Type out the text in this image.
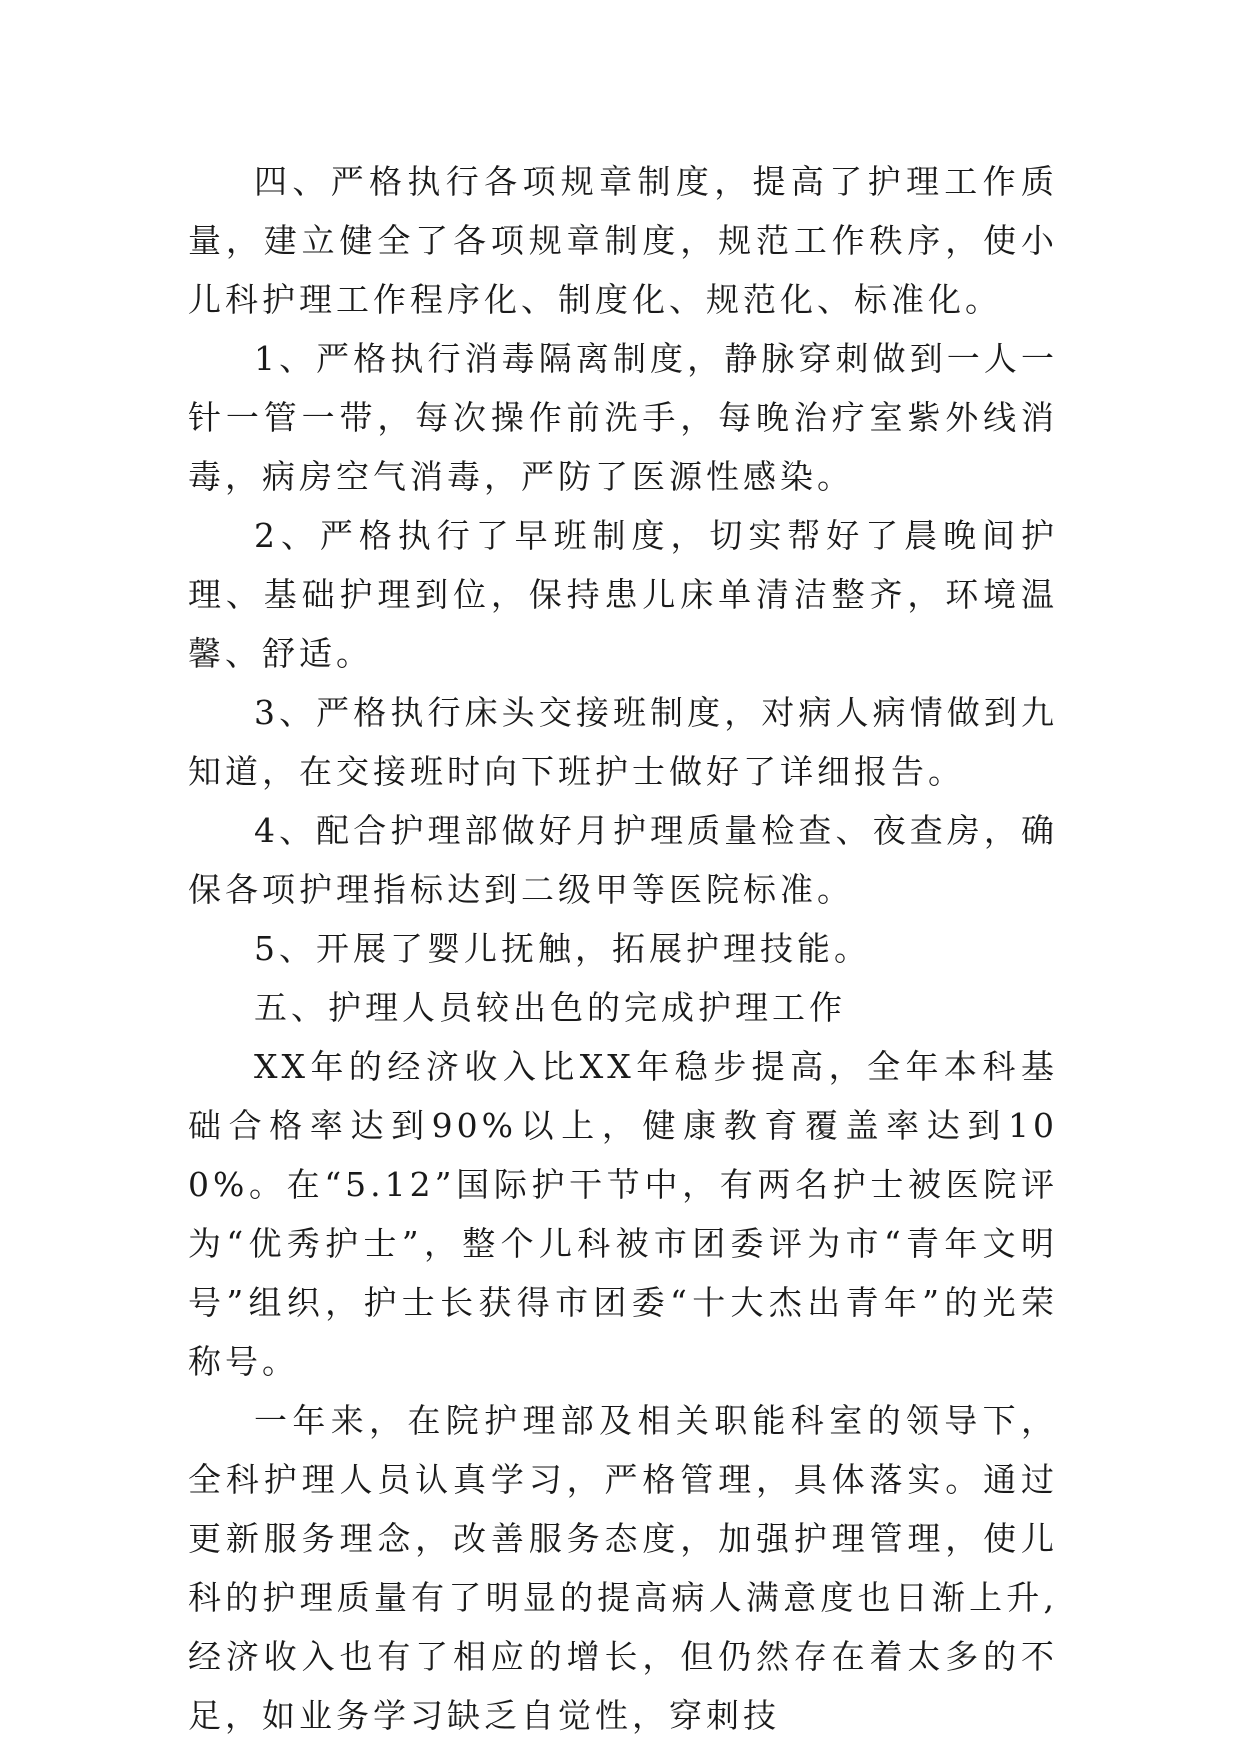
四、严格执行各项规章制度，提高了护理工作质量，建立健全了各项规章制度，规范工作秩序，使小儿科护理工作程序化、制度化、规范化、标准化。

1、严格执行消毒隔离制度，静脉穿刺做到一人一针一管一带，每次操作前洗手，每晚治疗室紫外线消毒，病房空气消毒，严防了医源性感染。

2、严格执行了早班制度，切实帮好了晨晚间护理、基础护理到位，保持患儿床单清洁整齐，环境温馨、舒适。

3、严格执行床头交接班制度，对病人病情做到九知道，在交接班时向下班护士做好了详细报告。

4、配合护理部做好月护理质量检查、夜查房，确保各项护理指标达到二级甲等医院标准。

5、开展了婴儿抚触，拓展护理技能。

五、护理人员较出色的完成护理工作

XX年的经济收入比XX年稳步提高，全年本科基础合格率达到90%以上，健康教育覆盖率达到100%。在“5.12”国际护干节中，有两名护士被医院评为“优秀护士”，整个儿科被市团委评为市“青年文明号”组织，护士长获得市团委“十大杰出青年”的光荣称号。

一年来，在院护理部及相关职能科室的领导下，全科护理人员认真学习，严格管理，具体落实。通过更新服务理念，改善服务态度，加强护理管理，使儿科的护理质量有了明显的提高病人满意度也日渐上升,经济收入也有了相应的增长，但仍然存在着太多的不足，如业务学习缺乏自觉性，穿刺技
